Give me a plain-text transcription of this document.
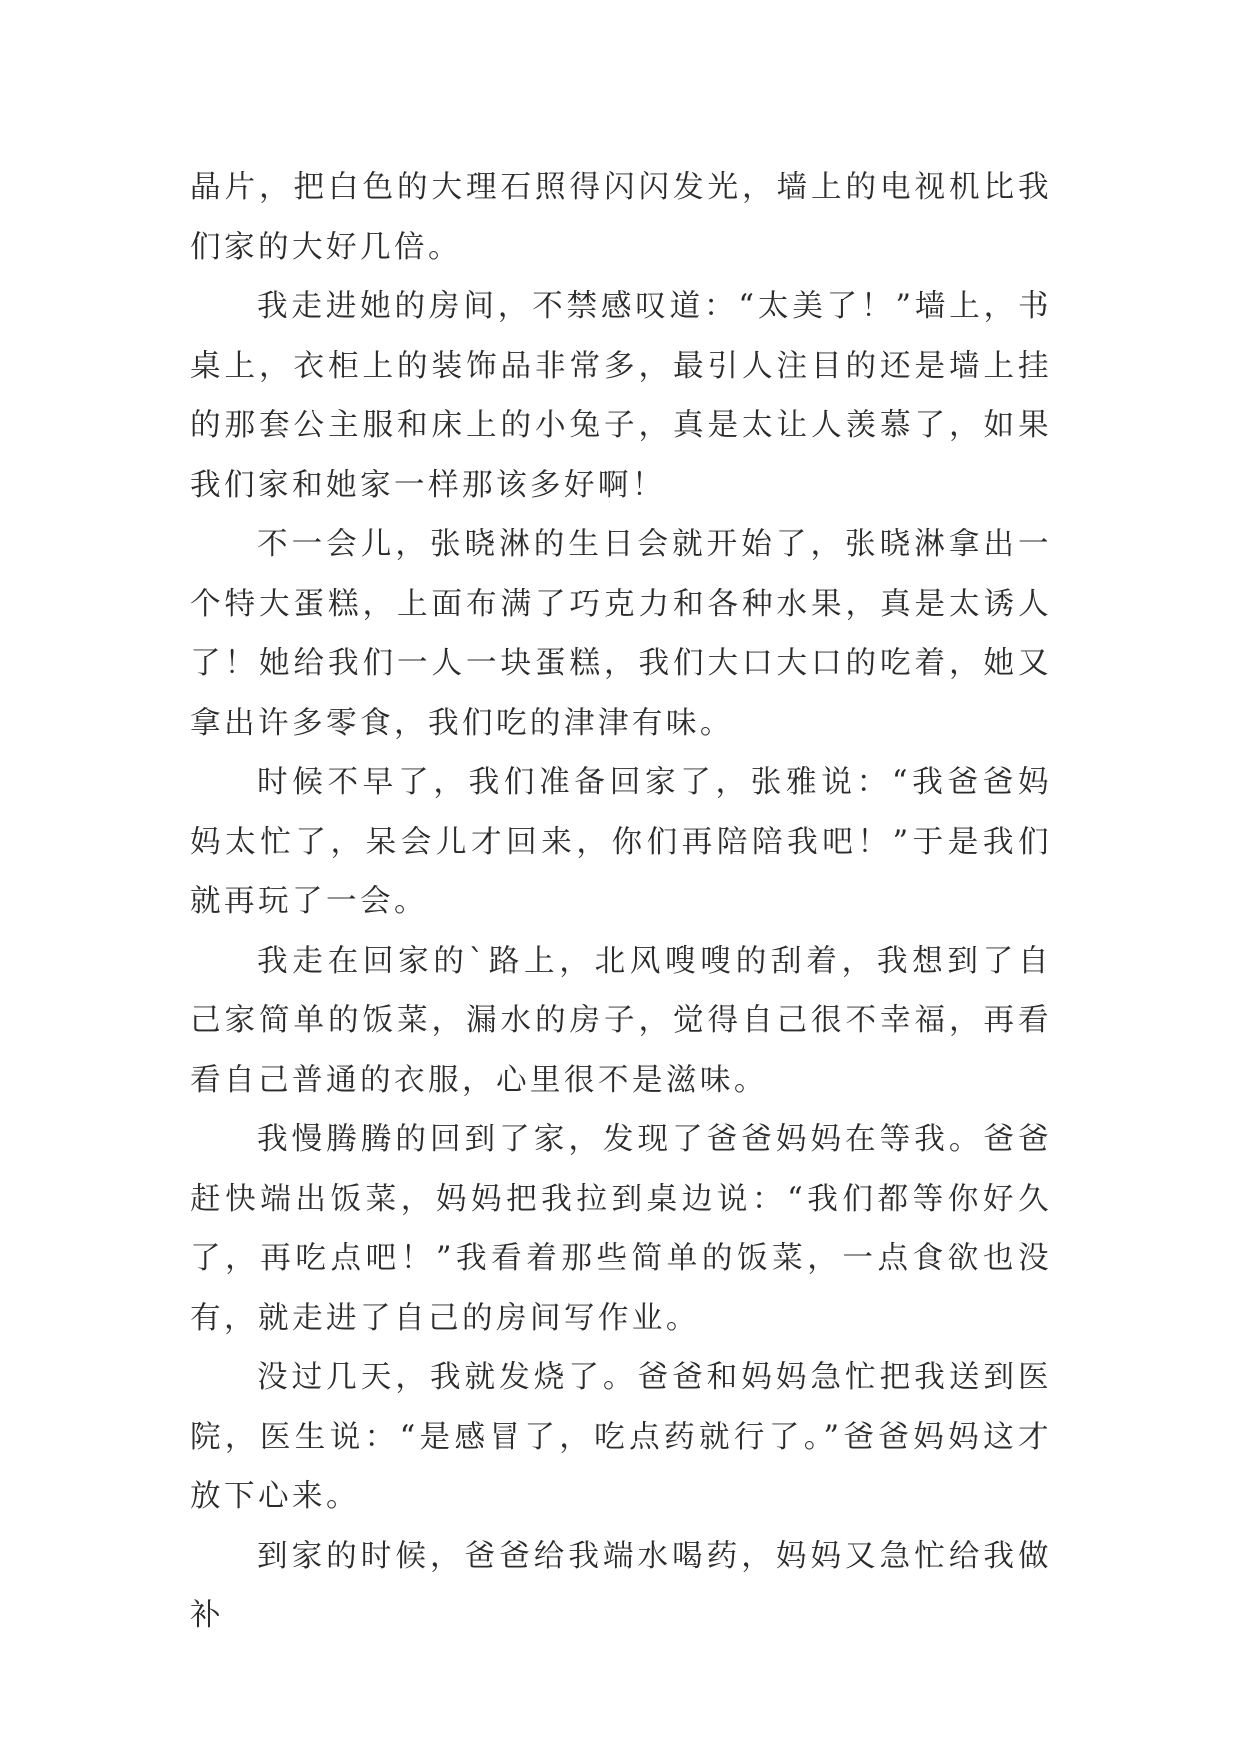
晶片，把白色的大理石照得闪闪发光，墙上的电视机比我们家的大好几倍。

我走进她的房间，不禁感叹道：“太美了！”墙上，书桌上，衣柜上的装饰品非常多，最引人注目的还是墙上挂的那套公主服和床上的小兔子，真是太让人羡慕了，如果我们家和她家一样那该多好啊！

不一会儿，张晓淋的生日会就开始了，张晓淋拿出一个特大蛋糕，上面布满了巧克力和各种水果，真是太诱人了！她给我们一人一块蛋糕，我们大口大口的吃着，她又拿出许多零食，我们吃的津津有味。

时候不早了，我们准备回家了，张雅说：“我爸爸妈妈太忙了，呆会儿才回来，你们再陪陪我吧！”于是我们就再玩了一会。

我走在回家的`路上，北风嗖嗖的刮着，我想到了自己家简单的饭菜，漏水的房子，觉得自己很不幸福，再看看自己普通的衣服，心里很不是滋味。

我慢腾腾的回到了家，发现了爸爸妈妈在等我。爸爸赶快端出饭菜，妈妈把我拉到桌边说：“我们都等你好久了，再吃点吧！”我看着那些简单的饭菜，一点食欲也没有，就走进了自己的房间写作业。

没过几天，我就发烧了。爸爸和妈妈急忙把我送到医院，医生说：“是感冒了，吃点药就行了。”爸爸妈妈这才放下心来。

到家的时候，爸爸给我端水喝药，妈妈又急忙给我做补
